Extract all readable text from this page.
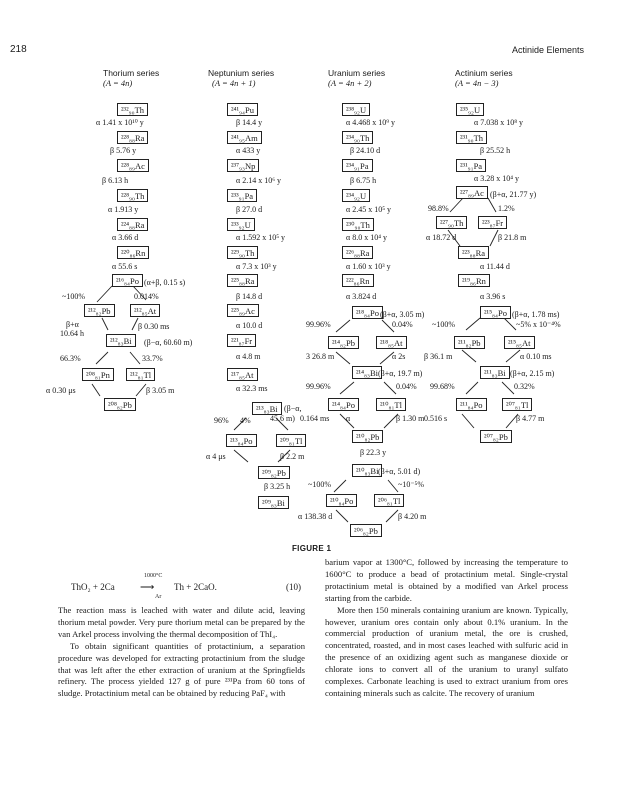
218	Actinide Elements
Thorium series
(A = 4n)
Neptunium series
(A = 4n + 1)
Uranium series
(A = 4n + 2)
Actinium series
(A = 4n − 3)
²³²₉₀Th
²²⁸₈₈Ra
²²⁸₈₉Ac
²²⁸₉₀Th
²²⁴₈₈Ra
²²⁰₈₆Rn
²¹⁶₈₄Po
²¹²₈₂Pb	²¹²₈₅At
²¹²₈₃Bi
²⁰⁸₈₁Pn	²¹²₈₁Tl
²⁰⁸₈₂Pb
α 1.41 x 10¹⁰ y
β 5.76 y
β 6.13 h
α 1.913 y
α 3.66 d
α 55.6 s
(α+β, 0.15 s)
~100%	0.014%
β+α
10.64 h
β 0.30 ms
(β−α, 60.60 m)
66.3%	33.7%
α 0.30 μs	β 3.05 m
²⁴¹₉₄Pu
²⁴¹₉₅Am
²³⁷₉₃Np
²³³₉₁Pa
²³³₉₂U
²²⁹₉₀Th
²²⁵₈₈Ra
²²⁵₈₉Ac
²²¹₈₇Fr
²¹⁷₈₅At
²¹³₈₃Bi
²¹³₈₄Po	²⁰⁹₈₁Tl
²⁰⁹₈₂Pb
²⁰⁹₈₃Bi
β 14.4 y
α 433 y
α 2.14 x 10⁶ y
β 27.0 d
α 1.592 x 10⁵ y
α 7.3 x 10³ y
β 14.8 d
α 10.0 d
α 4.8 m
α 32.3 ms
(β−α,
45.6 m)
96% 4%
α 4 μs	β 2.2 m
β 3.25 h
²³⁸₉₂U
²³⁴₉₀Th
²³⁴₉₁Pa
²³⁴₉₂U
²³⁰₉₀Th
²²⁶₈₈Ra
²²²₈₆Rn
²¹⁸₈₄Po
²¹⁴₈₂Pb	²¹⁸₈₅At
²¹⁴₈₃Bi
²¹⁴₈₄Po	²¹⁰₈₁Tl
²¹⁰₈₂Pb
²¹⁰₈₃Bi
²¹⁰₈₄Po	²⁰⁶₈₁Tl
²⁰⁶₈₂Pb
α 4.468 x 10⁹ y
β 24.10 d
β 6.75 h
α 2.45 x 10⁵ y
α 8.0 x 10⁴ y
α 1.60 x 10³ y
α 3.824 d
(β+α, 3.05 m)
99.96%	0.04%
3 26.8 m	α 2s
(β+α, 19.7 m)
99.96%	0.04%
0.164 ms α	β 1.30 m
β 22.3 y
(β+α, 5.01 d)
~100%	~10⁻⁵%
α 138.38 d	β 4.20 m
²³⁵₉₂U
²³¹₉₀Th
²³¹₉₁Pa
²²⁷₈₉Ac
²²⁷₉₀Th	²²³₈₇Fr
²²³₈₈Ra
²¹⁹₈₆Rn
²¹⁵₈₄Po
²¹¹₈₂Pb	²¹⁵₈₅At
²¹¹₈₃Bi
²¹¹₈₄Po	²⁰⁷₈₁Tl
²⁰⁷₈₂Pb
α 7.038 x 10⁸ y
β 25.52 h
α 3.28 x 10⁴ y
(β+α, 21.77 y)
98.8%	1.2%
α 18.72 d	β 21.8 m
α 11.44 d
α 3.96 s
(β+α, 1.78 ms)
~100%	~5% x 10⁻⁴%
β 36.1 m	α 0.10 ms
99.68%
(β+α, 2.15 m)
0.32%
0.516 s	β 4.77 m
FIGURE 1
ThO₂ + 2Ca
1000°C
⟶
Ar
Th + 2CaO.	(10)

The reaction mass is leached with water and dilute acid, leaving thorium metal powder. Very pure thorium metal can be prepared by the van Arkel process involving the thermal decomposition of ThI₄.

To obtain significant quantities of protactinium, a separation procedure was developed for extracting protactinium from the sludge that was left after the ether extraction of uranium at the Springfields refinery. The process yielded 127 g of pure ²³¹Pa from 60 tons of sludge. Protactinium metal can be obtained by reducing PaF₄ with

barium vapor at 1300°C, followed by increasing the temperature to 1600°C to produce a bead of protactinium metal. Single-crystal protactinium metal is obtained by a modified van Arkel process starting from the carbide.

More then 150 minerals containing uranium are known. Typically, however, uranium ores contain only about 0.1% uranium. In the commercial production of uranium metal, the ore is crushed, concentrated, roasted, and in most cases leached with sulfuric acid in the presence of an oxidizing agent such as manganese dioxide or chlorate ions to convert all of the uranium to uranyl sulfato complexes. Carbonate leaching is used to extract uranium from ores containing minerals such as calcite. The recovery of uranium
